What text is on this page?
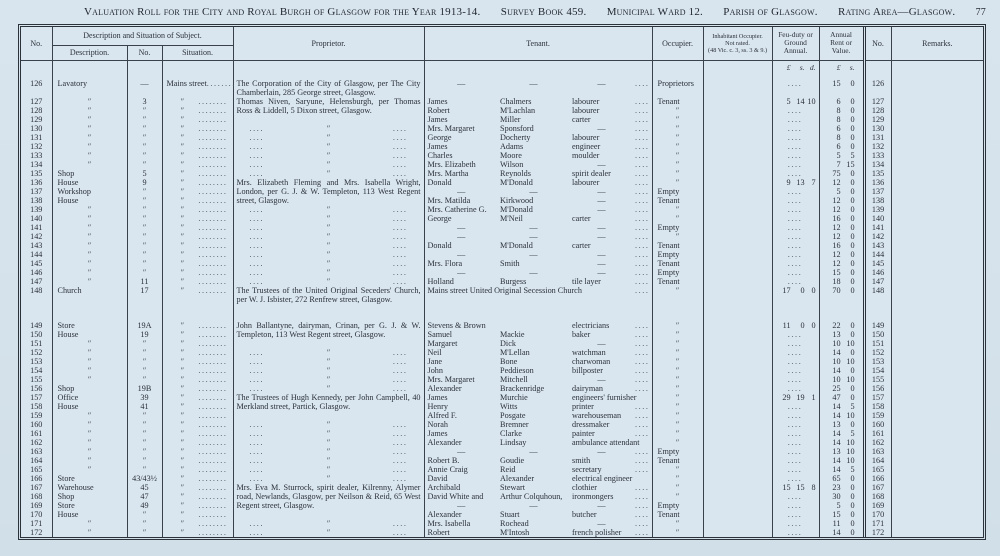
Valuation Roll for the City and Royal Burgh of Glasgow for the Year 1913-14. Survey Book 459. Municipal Ward 12. Parish of Glasgow. Rating Area—Glasgow. 77
No.	Description and Situation of Subject.			Proprietor.	Tenant.				Occupier.	Inhabitant Occupier.
Not rated.
(48 Vic. c. 3, ss. 3 & 9.)	Feu-duty or Ground Annual.	Annual Rent or Value.	No.	Remarks.
	Description.	No.	Situation.											
											£ s. d.	£ s.		

126	Lavatory	—	Mains street .... ....	The Corporation of the City of Glasgow, per The City Chamberlain, 285 George street, Glasgow.	—	—	—	....	Proprietors		....	15 0	126	
127	″	3	″ .... ....	Thomas Niven, Saryune, Helensburgh, per Thomas Ross & Liddell, 5 Dixon street, Glasgow.	James	Chalmers	labourer	....	Tenant		5 14 10	6 0	127	
128	″	″	″ .... ....		Robert	M'Lachlan	labourer	....	″		....	8 0	128	
129	″	″	″ .... ....		James	Miller	carter	....	″		....	8 0	129	
130	″	″	″ .... ....	.... ″ ....	Mrs. Margaret	Sponsford	—	....	″		....	6 0	130	
131	″	″	″ .... ....	.... ″ ....	George	Docherty	labourer	....	″		....	8 0	131	
132	″	″	″ .... ....	.... ″ ....	James	Adams	engineer	....	″		....	6 0	132	
133	″	″	″ .... ....	.... ″ ....	Charles	Moore	moulder	....	″		....	5 5	133	
134	″	″	″ .... ....	.... ″ ....	Mrs. Elizabeth	Wilson	—	....	″		....	7 15	134	
135	Shop	5	″ .... ....	.... ″ ....	Mrs. Martha	Reynolds	spirit dealer	....	″		....	75 0	135	
136	House	9	″ .... ....	Mrs. Elizabeth Fleming and Mrs. Isabella Wright, London, per G. J. & W. Templeton, 113 West Regent street, Glasgow.	Donald	M'Donald	labourer	....	″		9 13 7	12 0	136	
137	Workshop	″	″ .... ....		—	—	—	....	Empty		....	5 0	137	
138	House	″	″ .... ....		Mrs. Matilda	Kirkwood	—	....	Tenant		....	12 0	138	
139	″	″	″ .... ....	.... ″ ....	Mrs. Catherine G.	M'Donald	—	....	″		....	12 0	139	
140	″	″	″ .... ....	.... ″ ....	George	M'Neil	carter	....	″		....	16 0	140	
141	″	″	″ .... ....	.... ″ ....	—	—	—	....	Empty		....	12 0	141	
142	″	″	″ .... ....	.... ″ ....	—	—	—	....	″		....	12 0	142	
143	″	″	″ .... ....	.... ″ ....	Donald	M'Donald	carter	....	Tenant		....	16 0	143	
144	″	″	″ .... ....	.... ″ ....	—	—	—	....	Empty		....	12 0	144	
145	″	″	″ .... ....	.... ″ ....	Mrs. Flora	Smith	—	....	Tenant		....	12 0	145	
146	″	″	″ .... ....	.... ″ ....	—	—	—	....	Empty		....	15 0	146	
147	″	11	″ .... ....	.... ″ ....	Holland	Burgess	tile layer	....	Tenant		....	18 0	147	
148	Church	17	″ .... ....	The Trustees of the United Original Seceders' Church, per W. J. Isbister, 272 Renfrew street, Glasgow.	Mains street United Original Secession Church			....	″		17 0 0	70 0	148	

149	Store	19A	″ .... ....	John Ballantyne, dairyman, Crinan, per G. J. & W. Templeton, 113 West Regent street, Glasgow.	Stevens & Brown		electricians	....	″		11 0 0	22 0	149	
150	House	19	″ .... ....		Samuel	Mackie	baker	....	″		....	13 0	150	
151	″	″	″ .... ....		Margaret	Dick	—	....	″		....	10 10	151	
152	″	″	″ .... ....	.... ″ ....	Neil	M'Lellan	watchman	....	″		....	14 0	152	
153	″	″	″ .... ....	.... ″ ....	Jane	Bone	charwoman	....	″		....	10 10	153	
154	″	″	″ .... ....	.... ″ ....	John	Peddieson	billposter	....	″		....	14 0	154	
155	″	″	″ .... ....	.... ″ ....	Mrs. Margaret	Mitchell	—	....	″		....	10 10	155	
156	Shop	19B	″ .... ....	.... ″ ....	Alexander	Brackenridge	dairyman	....	″		....	25 0	156	
157	Office	39	″ .... ....	The Trustees of Hugh Kennedy, per John Campbell, 40 Merkland street, Partick, Glasgow.	James	Murchie	engineers' furnisher		″		29 19 1	47 0	157	
158	House	41	″ .... ....		Henry	Witts	printer	....	″		....	14 5	158	
159	″	″	″ .... ....		Alfred F.	Posgate	warehouseman	....	″		....	14 10	159	
160	″	″	″ .... ....	.... ″ ....	Norah	Bremner	dressmaker	....	″		....	13 0	160	
161	″	″	″ .... ....	.... ″ ....	James	Clarke	painter	....	″		....	14 5	161	
162	″	″	″ .... ....	.... ″ ....	Alexander	Lindsay	ambulance attendant		″		....	14 10	162	
163	″	″	″ .... ....	.... ″ ....	—	—	—	....	Empty		....	13 10	163	
164	″	″	″ .... ....	.... ″ ....	Robert B.	Goudie	smith	....	Tenant		....	14 10	164	
165	″	″	″ .... ....	.... ″ ....	Annie Craig	Reid	secretary	....	″		....	14 5	165	
166	Store	43/43½	″ .... ....	.... ″ ....	David	Alexander	electrical engineer		″		....	65 0	166	
167	Warehouse	45	″ .... ....	Mrs. Eva M. Sturrock, spirit dealer, Kilrenny, Alymer road, Newlands, Glasgow, per Neilson & Reid, 65 West Regent street, Glasgow.	Archibald	Stewart	clothier	....	″		15 15 8	23 0	167	
168	Shop	47	″ .... ....		David White and	Arthur Colquhoun,	ironmongers	....	″		....	30 0	168	
169	Store	49	″ .... ....		—	—	—	....	Empty		....	5 0	169	
170	House	″	″ .... ....		Alexander	Stuart	butcher	....	Tenant		....	15 0	170	
171	″	″	″ .... ....	.... ″ ....	Mrs. Isabella	Rochead	—	....	″		....	11 0	171	
172	″	″	″ .... ....	.... ″ ....	Robert	M'Intosh	french polisher	....	″		....	14 0	172	
